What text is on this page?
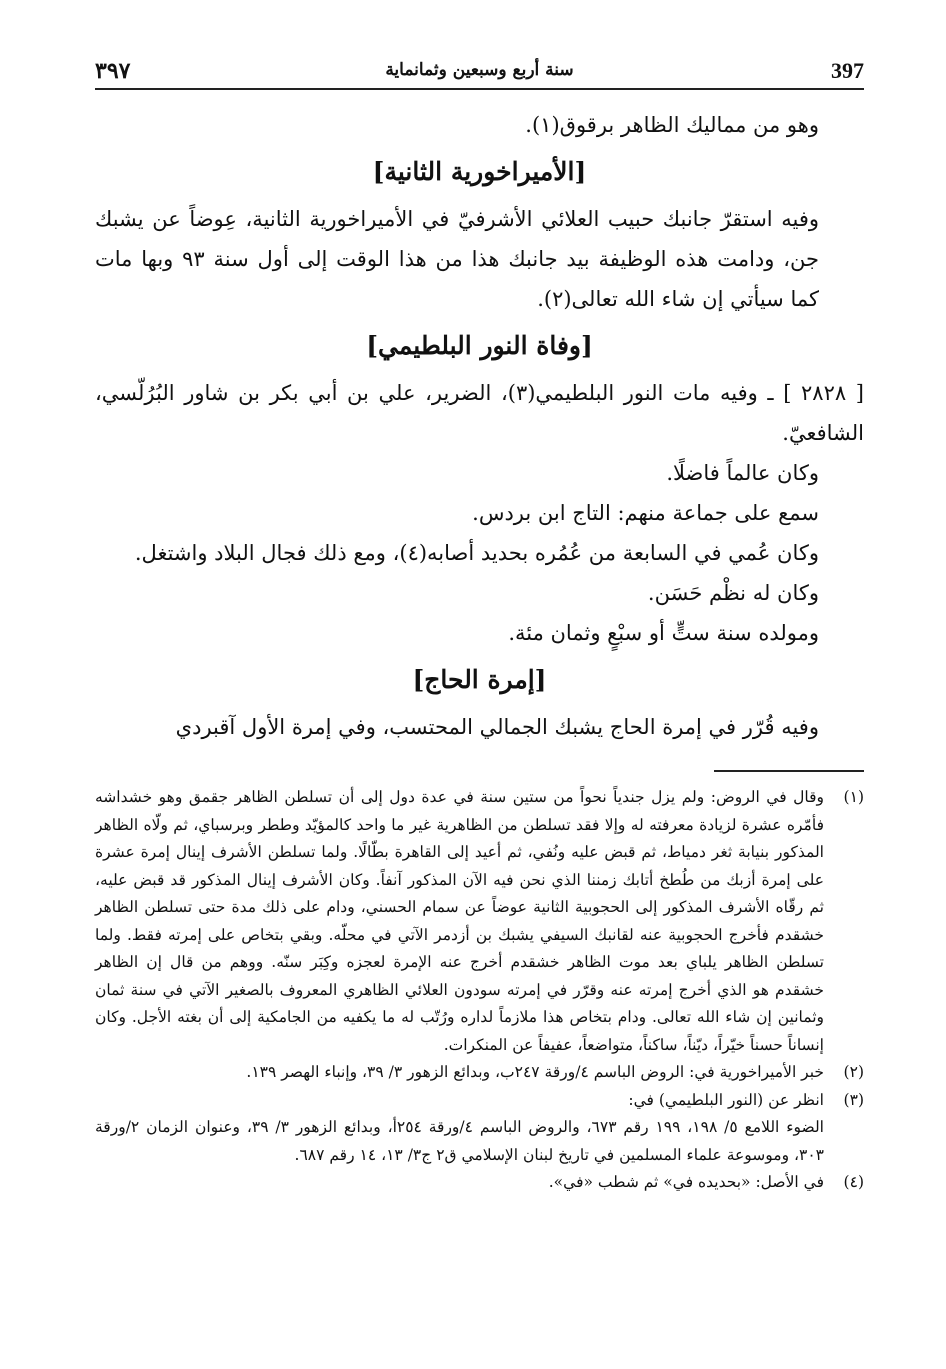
397
سنة أربع وسبعين وثمانماية
٣٩٧

وهو من مماليك الظاهر برقوق(١).

[الأميراخورية الثانية]

وفيه استقرّ جانبك حبيب العلائي الأشرفيّ في الأميراخورية الثانية، عِوضاً عن يشبك جن، ودامت هذه الوظيفة بيد جانبك هذا من هذا الوقت إلى أول سنة ٩٣ وبها مات كما سيأتي إن شاء الله تعالى(٢).

[وفاة النور البلطيمي]

[ ٢٨٢٨ ] ـ وفيه مات النور البلطيمي(٣)، الضرير، علي بن أبي بكر بن شاور البُرُلّسي، الشافعيّ.

وكان عالماً فاضلًا.

سمع على جماعة منهم: التاج ابن بردس.

وكان عُمي في السابعة من عُمُره بحديد أصابه(٤)، ومع ذلك فجال البلاد واشتغل.

وكان له نظْم حَسَن.

ومولده سنة ستٍّ أو سبْعٍ وثمان مئة.

[إمرة الحاج]

وفيه قُرّر في إمرة الحاج يشبك الجمالي المحتسب، وفي إمرة الأول آقبردي

(١)

وقال في الروض: ولم يزل جندياً نحواً من ستين سنة في عدة دول إلى أن تسلطن الظاهر جقمق وهو خشداشه فأمّره عشرة لزيادة معرفته له وإلا فقد تسلطن من الظاهرية غير ما واحد كالمؤيّد وططر وبرسباي، ثم ولّاه الظاهر المذكور بنيابة ثغر دمياط، ثم قبض عليه ونُفي، ثم أعيد إلى القاهرة بطّالًا. ولما تسلطن الأشرف إينال إمرة عشرة على إمرة أزبك من طُطخ أتابك زمننا الذي نحن فيه الآن المذكور آنفاً. وكان الأشرف إينال المذكور قد قبض عليه، ثم رقّاه الأشرف المذكور إلى الحجوبية الثانية عوضاً عن سمام الحسني، ودام على ذلك مدة حتى تسلطن الظاهر خشقدم فأخرج الحجوبية عنه لقانبك السيفي يشبك بن أزدمر الآتي في محلّه. وبقي بتخاص على إمرته فقط. ولما تسلطن الظاهر يلباي بعد موت الظاهر خشقدم أخرج عنه الإمرة لعجزه وكِبَر سنّه. ووهم من قال إن الظاهر خشقدم هو الذي أخرج إمرته عنه وقرّر في إمرته سودون العلائي الظاهري المعروف بالصغير الآتي في سنة ثمان وثمانين إن شاء الله تعالى. ودام بتخاص هذا ملازماً لداره ورُتّب له ما يكفيه من الجامكية إلى أن بغته الأجل. وكان إنساناً حسناً خيّراً، ديّناً، ساكناً، متواضعاً، عفيفاً عن المنكرات.

(٢)

خبر الأميراخورية في: الروض الباسم ٤/ورقة ٢٤٧ب، وبدائع الزهور ٣/ ٣٩، وإنباء الهصر ١٣٩.

(٣)

انظر عن (النور البلطيمي) في:

الضوء اللامع ٥/ ١٩٨، ١٩٩ رقم ٦٧٣، والروض الباسم ٤/ورقة ٢٥٤أ، وبدائع الزهور ٣/ ٣٩، وعنوان الزمان ٢/ورقة ٣٠٣، وموسوعة علماء المسلمين في تاريخ لبنان الإسلامي ق٢ ج٣/ ١٣، ١٤ رقم ٦٨٧.

(٤)

في الأصل: «بحديده في» ثم شطب «في».
